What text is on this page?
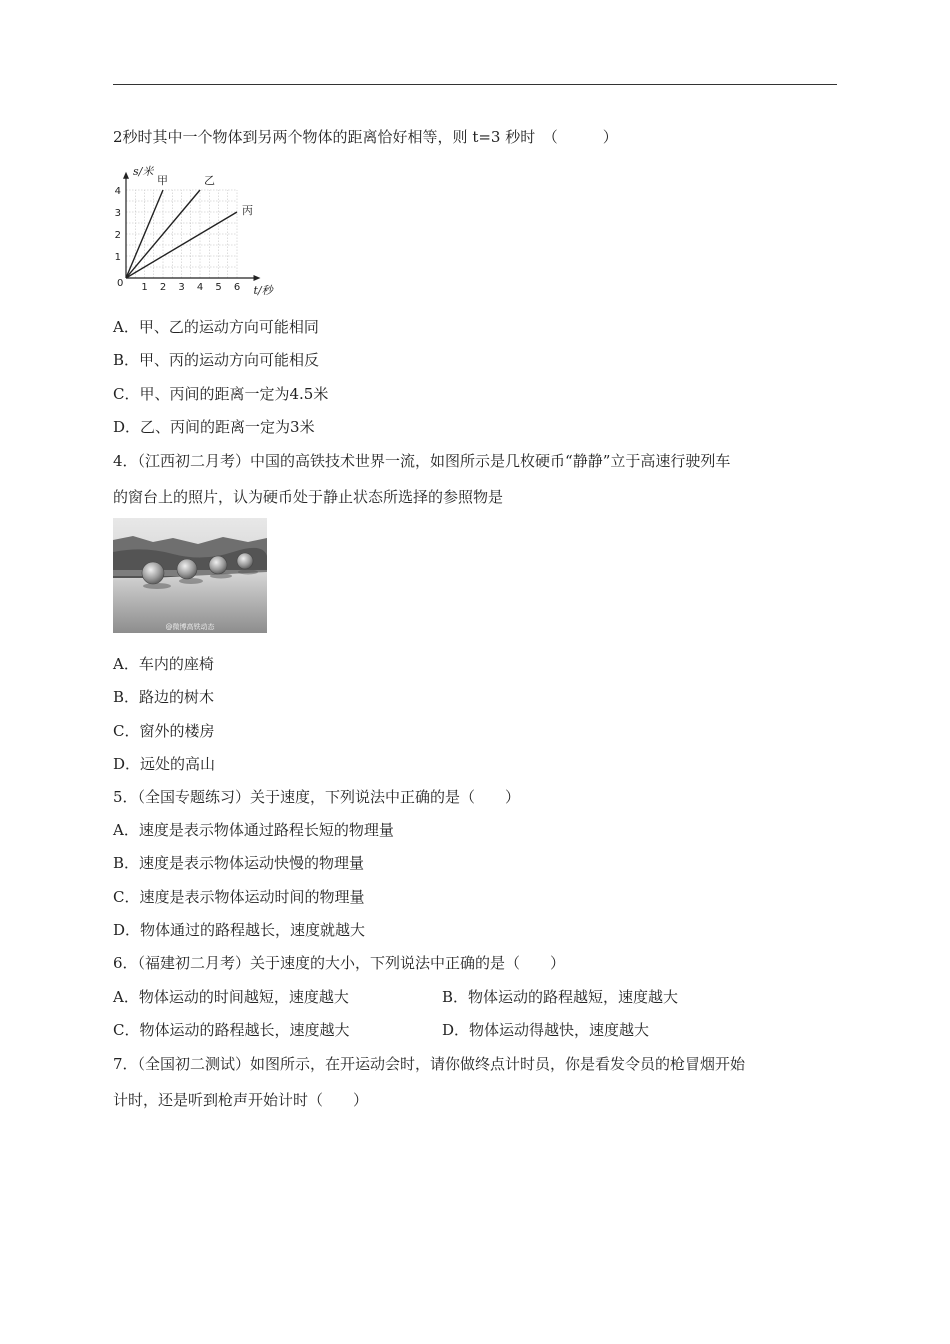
2秒时其中一个物体到另两个物体的距离恰好相等，则 t=3 秒时　（　　　）
s/米
t/秒
0 1 2 3 4 5 6
1
2
3
4
甲	乙
丙
A．甲、乙的运动方向可能相同
B．甲、丙的运动方向可能相反
C．甲、丙间的距离一定为4.5米
D．乙、丙间的距离一定为3米
4．（江西初二月考）中国的高铁技术世界一流，如图所示是几枚硬币“静静”立于高速行驶列车
的窗台上的照片，认为硬币处于静止状态所选择的参照物是
@微博高铁动态
A．车内的座椅
B．路边的树木
C．窗外的楼房
D．远处的高山
5．（全国专题练习）关于速度，下列说法中正确的是（　　）
A．速度是表示物体通过路程长短的物理量
B．速度是表示物体运动快慢的物理量
C．速度是表示物体运动时间的物理量
D．物体通过的路程越长，速度就越大
6．（福建初二月考）关于速度的大小，下列说法中正确的是（　　）
A．物体运动的时间越短，速度越大	B．物体运动的路程越短，速度越大
C．物体运动的路程越长，速度越大	D．物体运动得越快，速度越大
7．（全国初二测试）如图所示，在开运动会时，请你做终点计时员，你是看发令员的枪冒烟开始
计时，还是听到枪声开始计时（　　）
